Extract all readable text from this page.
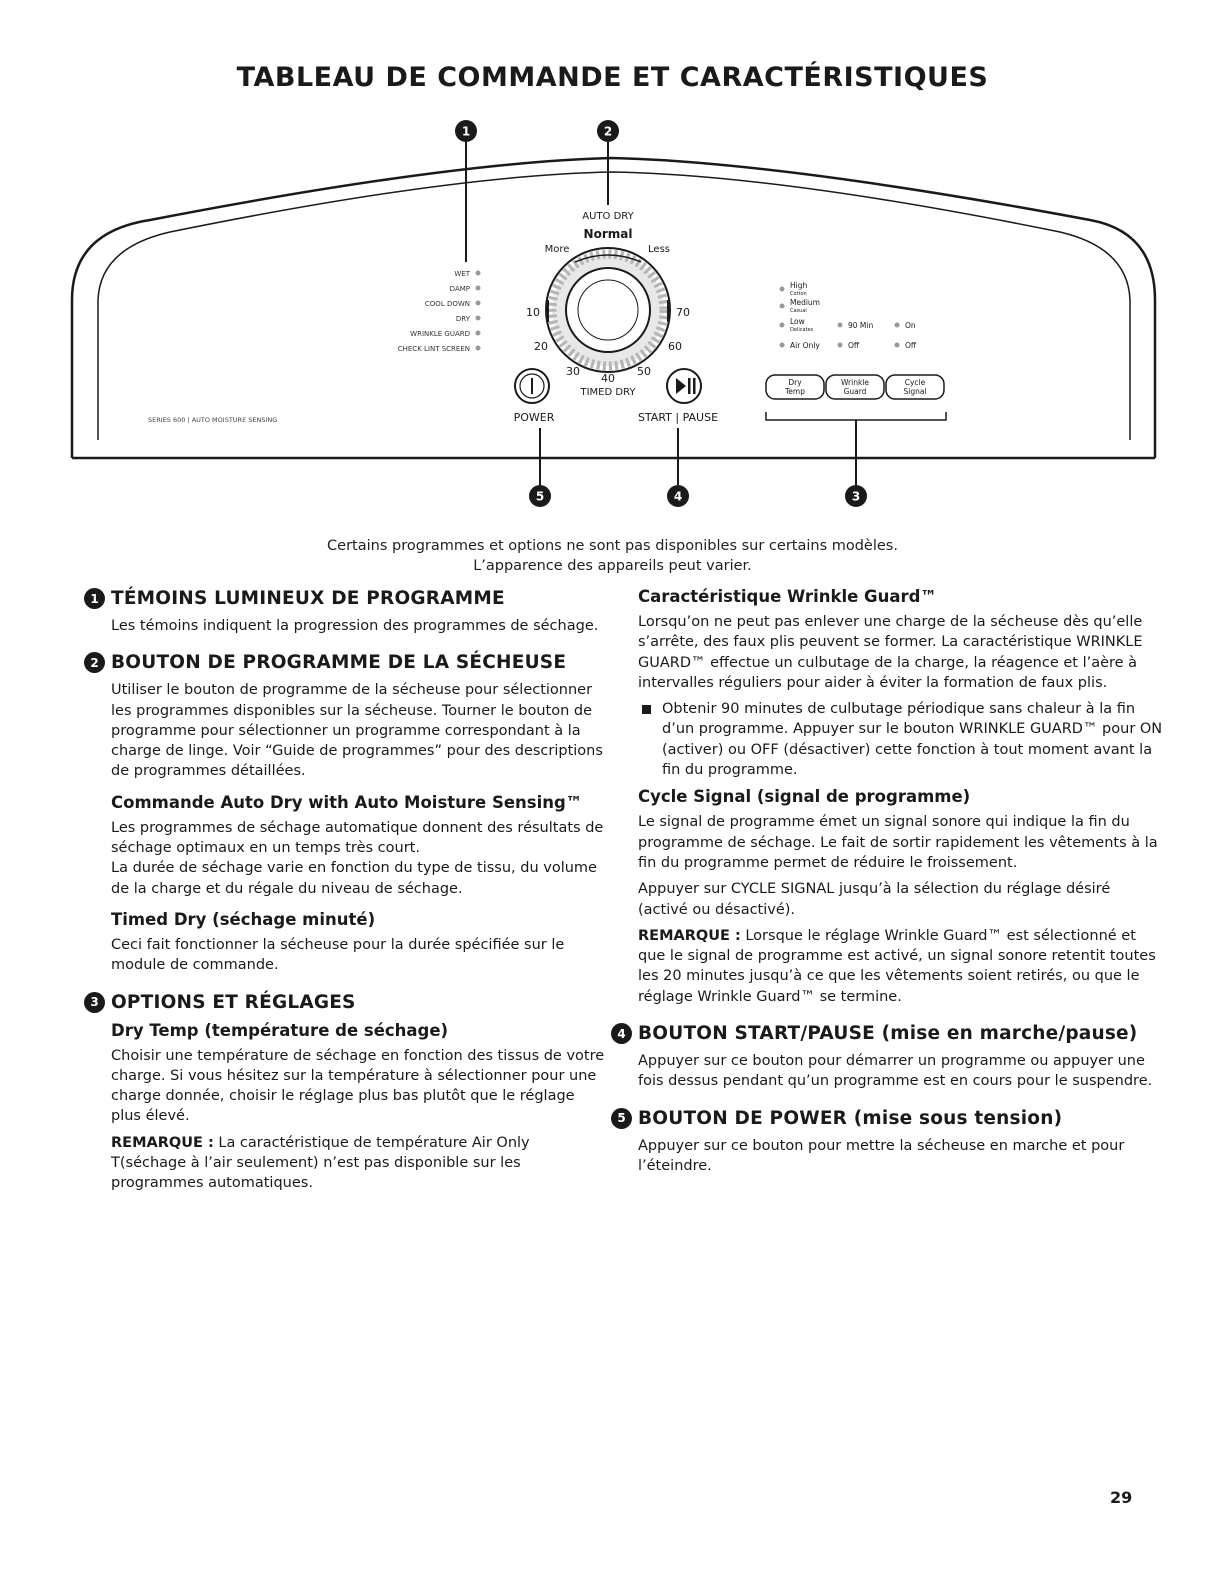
TABLEAU DE COMMANDE ET CARACTÉRISTIQUES
1	2
WET
DAMP
COOL DOWN
DRY
WRINKLE GUARD
CHECK LINT SCREEN
SERIES 600 | AUTO MOISTURE SENSING
AUTO DRY
Normal
More	Less
10
20
30
40
50
60
70
TIMED DRY
POWER	START | PAUSE
5	4
High
Cotton
Medium
Casual
Low
Delicates
Air Only
90 Min
Off
On
Off
Dry
Temp
Wrinkle
Guard
Cycle
Signal
3
Certains programmes et options ne sont pas disponibles sur certains modèles.
L’apparence des appareils peut varier.
1 TÉMOINS LUMINEUX DE PROGRAMME

Les témoins indiquent la progression des programmes de séchage.

2 BOUTON DE PROGRAMME DE LA SÉCHEUSE

Utiliser le bouton de programme de la sécheuse pour sélectionner les programmes disponibles sur la sécheuse. Tourner le bouton de programme pour sélectionner un programme correspondant à la charge de linge. Voir “Guide de programmes” pour des descriptions de programmes détaillées.

Commande Auto Dry with Auto Moisture Sensing™

Les programmes de séchage automatique donnent des résultats de séchage optimaux en un temps très court.

La durée de séchage varie en fonction du type de tissu, du volume de la charge et du régale du niveau de séchage.

Timed Dry (séchage minuté)

Ceci fait fonctionner la sécheuse pour la durée spécifiée sur le module de commande.

3 OPTIONS ET RÉGLAGES
Dry Temp (température de séchage)

Choisir une température de séchage en fonction des tissus de votre charge. Si vous hésitez sur la température à sélectionner pour une charge donnée, choisir le réglage plus bas plutôt que le réglage plus élevé.

REMARQUE : La caractéristique de température Air Only T(séchage à l’air seulement) n’est pas disponible sur les programmes automatiques.

Caractéristique Wrinkle Guard™

Lorsqu’on ne peut pas enlever une charge de la sécheuse dès qu’elle s’arrête, des faux plis peuvent se former. La caractéristique WRINKLE GUARD™ effectue un culbutage de la charge, la réagence et l’aère à intervalles réguliers pour aider à éviter la formation de faux plis.

Obtenir 90 minutes de culbutage périodique sans chaleur à la fin d’un programme. Appuyer sur le bouton WRINKLE GUARD™ pour ON (activer) ou OFF (désactiver) cette fonction à tout moment avant la fin du programme.
Cycle Signal (signal de programme)

Le signal de programme émet un signal sonore qui indique la fin du programme de séchage. Le fait de sortir rapidement les vêtements à la fin du programme permet de réduire le froissement.

Appuyer sur CYCLE SIGNAL jusqu’à la sélection du réglage désiré (activé ou désactivé).

REMARQUE : Lorsque le réglage Wrinkle Guard™ est sélectionné et que le signal de programme est activé, un signal sonore retentit toutes les 20 minutes jusqu’à ce que les vêtements soient retirés, ou que le réglage Wrinkle Guard™ se termine.

4 BOUTON START/PAUSE (mise en marche/pause)

Appuyer sur ce bouton pour démarrer un programme ou appuyer une fois dessus pendant qu’un programme est en cours pour le suspendre.

5 BOUTON DE POWER (mise sous tension)

Appuyer sur ce bouton pour mettre la sécheuse en marche et pour l’éteindre.

29
